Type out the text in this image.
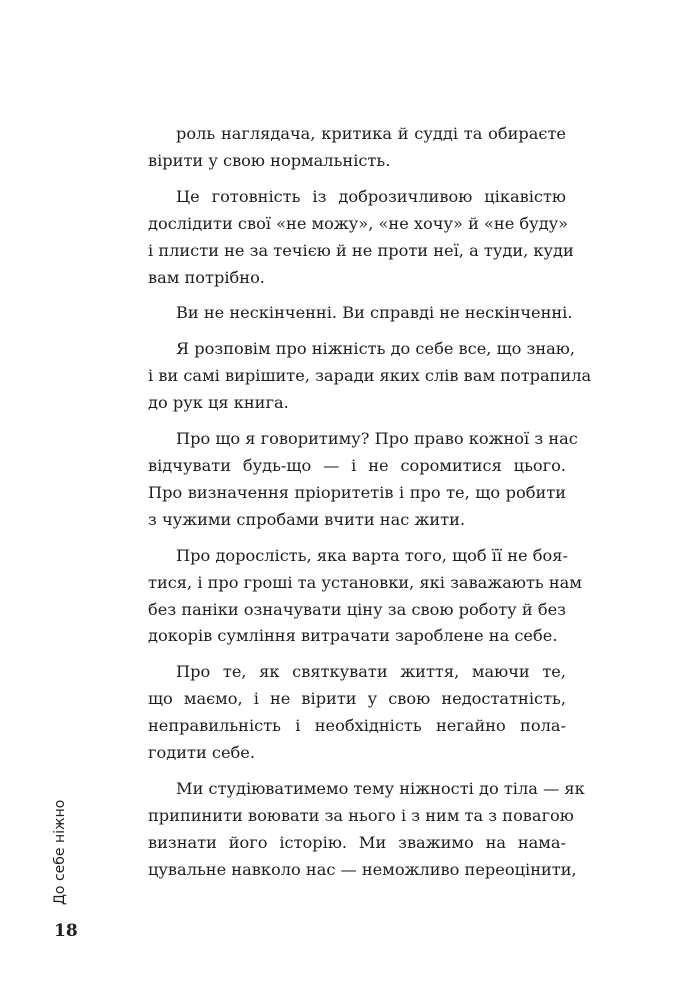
роль наглядача, критика й судді та обираєте
вірити у свою нормальність.
Це готовність із доброзичливою цікавістю
дослідити свої «не можу», «не хочу» й «не буду»
і плисти не за течією й не проти неї, а туди, куди
вам потрібно.
Ви не нескінченні. Ви справді не нескінченні.
Я розповім про ніжність до себе все, що знаю,
і ви самі вирішите, заради яких слів вам потрапила
до рук ця книга.
Про що я говоритиму? Про право кожної з нас
відчувати будь-що — і не соромитися цього.
Про визначення пріоритетів і про те, що робити
з чужими спробами вчити нас жити.
Про дорослість, яка варта того, щоб її не боя-
тися, і про гроші та установки, які заважають нам
без паніки означувати ціну за свою роботу й без
докорів сумління витрачати зароблене на себе.
Про те, як святкувати життя, маючи те,
що маємо, і не вірити у свою недостатність,
неправильність і необхідність негайно пола-
годити себе.
Ми студіюватимемо тему ніжності до тіла — як
припинити воювати за нього і з ним та з повагою
визнати його історію. Ми зважимо на нама-
цувальне навколо нас — неможливо переоцінити,
До себе ніжно
18
